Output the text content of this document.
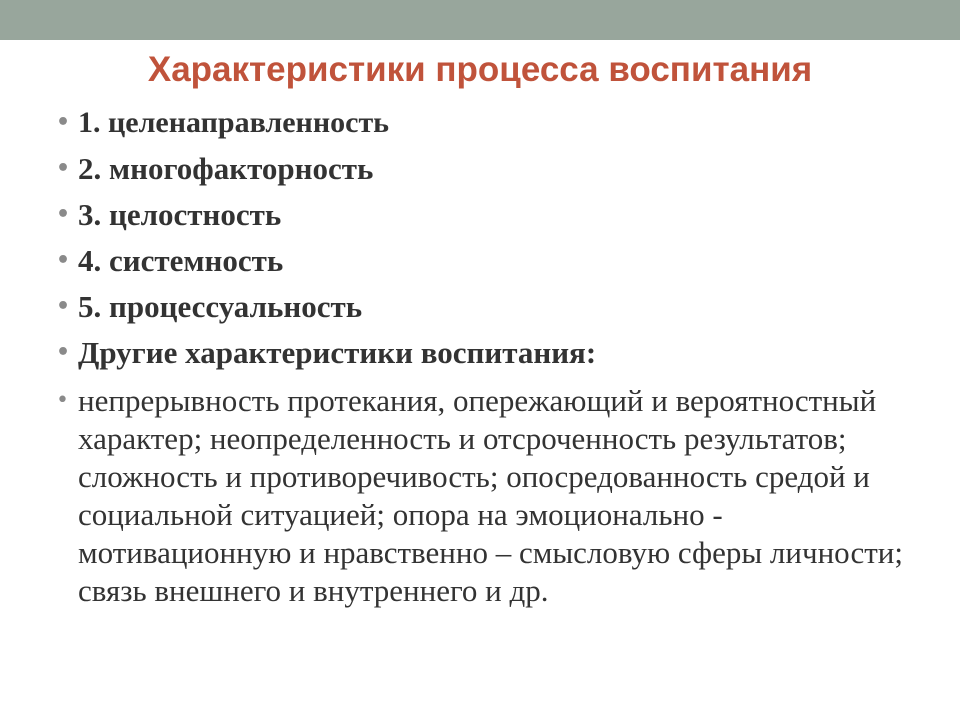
Характеристики процесса воспитания
• 1. целенаправленность
• 2. многофакторность
• 3. целостность
• 4. системность
• 5. процессуальность
• Другие характеристики воспитания:
• непрерывность протекания, опережающий и вероятностный характер; неопределенность и отсроченность результатов; сложность и противоречивость; опосредованность средой и социальной ситуацией; опора на эмоционально - мотивационную и нравственно – смысловую сферы личности; связь внешнего и внутреннего и др.
